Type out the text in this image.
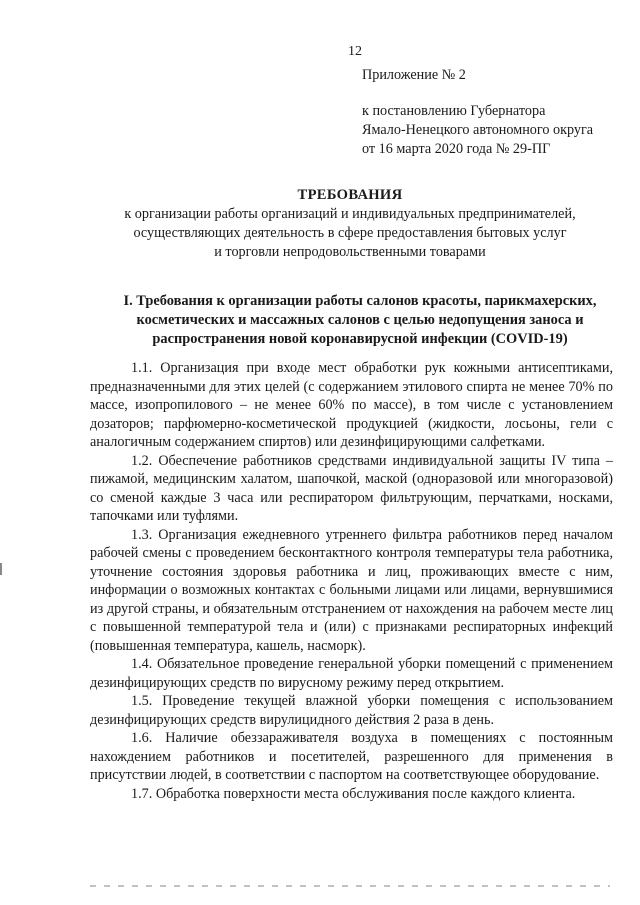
12
Приложение № 2
к постановлению Губернатора
Ямало-Ненецкого автономного округа
от 16 марта 2020 года № 29-ПГ
ТРЕБОВАНИЯ
к организации работы организаций и индивидуальных предпринимателей,
осуществляющих деятельность в сфере предоставления бытовых услуг
и торговли непродовольственными товарами
I. Требования к организации работы салонов красоты, парикмахерских,
косметических и массажных салонов с целью недопущения заноса и
распространения новой коронавирусной инфекции (COVID-19)

1.1. Организация при входе мест обработки рук кожными антисептиками, предназначенными для этих целей (с содержанием этилового спирта не менее 70% по массе, изопропилового – не менее 60% по массе), в том числе с установлением дозаторов; парфюмерно-косметической продукцией (жидкости, лосьоны, гели с аналогичным содержанием спиртов) или дезинфицирующими салфетками.

1.2. Обеспечение работников средствами индивидуальной защиты IV типа – пижамой, медицинским халатом, шапочкой, маской (одноразовой или многоразовой) со сменой каждые 3 часа или респиратором фильтрующим, перчатками, носками, тапочками или туфлями.

1.3. Организация ежедневного утреннего фильтра работников перед началом рабочей смены с проведением бесконтактного контроля температуры тела работника, уточнение состояния здоровья работника и лиц, проживающих вместе с ним, информации о возможных контактах с больными лицами или лицами, вернувшимися из другой страны, и обязательным отстранением от нахождения на рабочем месте лиц с повышенной температурой тела и (или) с признаками респираторных инфекций (повышенная температура, кашель, насморк).

1.4. Обязательное проведение генеральной уборки помещений с применением дезинфицирующих средств по вирусному режиму перед открытием.

1.5. Проведение текущей влажной уборки помещения с использованием дезинфицирующих средств вирулицидного действия 2 раза в день.

1.6. Наличие обеззараживателя воздуха в помещениях с постоянным нахождением работников и посетителей, разрешенного для применения в присутствии людей, в соответствии с паспортом на соответствующее оборудование.

1.7. Обработка поверхности места обслуживания после каждого клиента.
